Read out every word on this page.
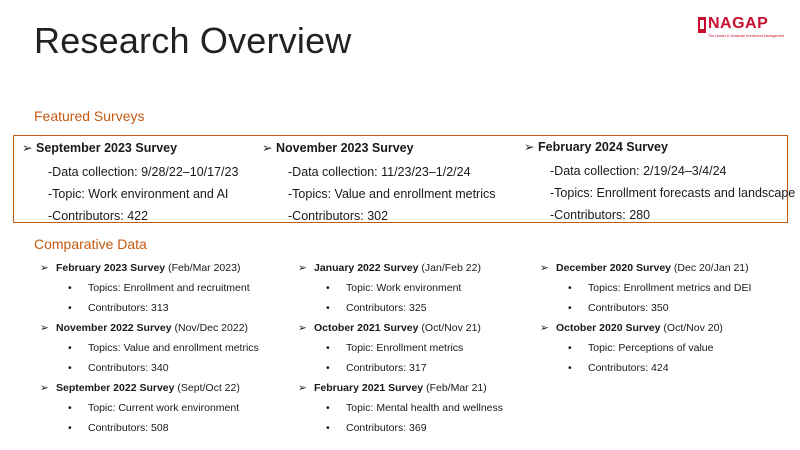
Research Overview	NAGAP
The Leader in Graduate Enrollment Management
Featured Surveys
➢ September 2023 Survey
-Data collection: 9/28/22–10/17/23
-Topic: Work environment and AI
-Contributors: 422
➢ November 2023 Survey
-Data collection: 11/23/23–1/2/24
-Topics: Value and enrollment metrics
-Contributors: 302
➢ February 2024 Survey
-Data collection: 2/19/24–3/4/24
-Topics: Enrollment forecasts and landscape
-Contributors: 280
Comparative Data
➢ February 2023 Survey (Feb/Mar 2023)
• Topics: Enrollment and recruitment
• Contributors: 313
➢ November 2022 Survey (Nov/Dec 2022)
• Topics: Value and enrollment metrics
• Contributors: 340
➢ September 2022 Survey (Sept/Oct 22)
• Topic: Current work environment
• Contributors: 508
➢ January 2022 Survey (Jan/Feb 22)
• Topic: Work environment
• Contributors: 325
➢ October 2021 Survey (Oct/Nov 21)
• Topic: Enrollment metrics
• Contributors: 317
➢ February 2021 Survey (Feb/Mar 21)
• Topic: Mental health and wellness
• Contributors: 369
➢ December 2020 Survey (Dec 20/Jan 21)
• Topics: Enrollment metrics and DEI
• Contributors: 350
➢ October 2020 Survey (Oct/Nov 20)
• Topic: Perceptions of value
• Contributors: 424
